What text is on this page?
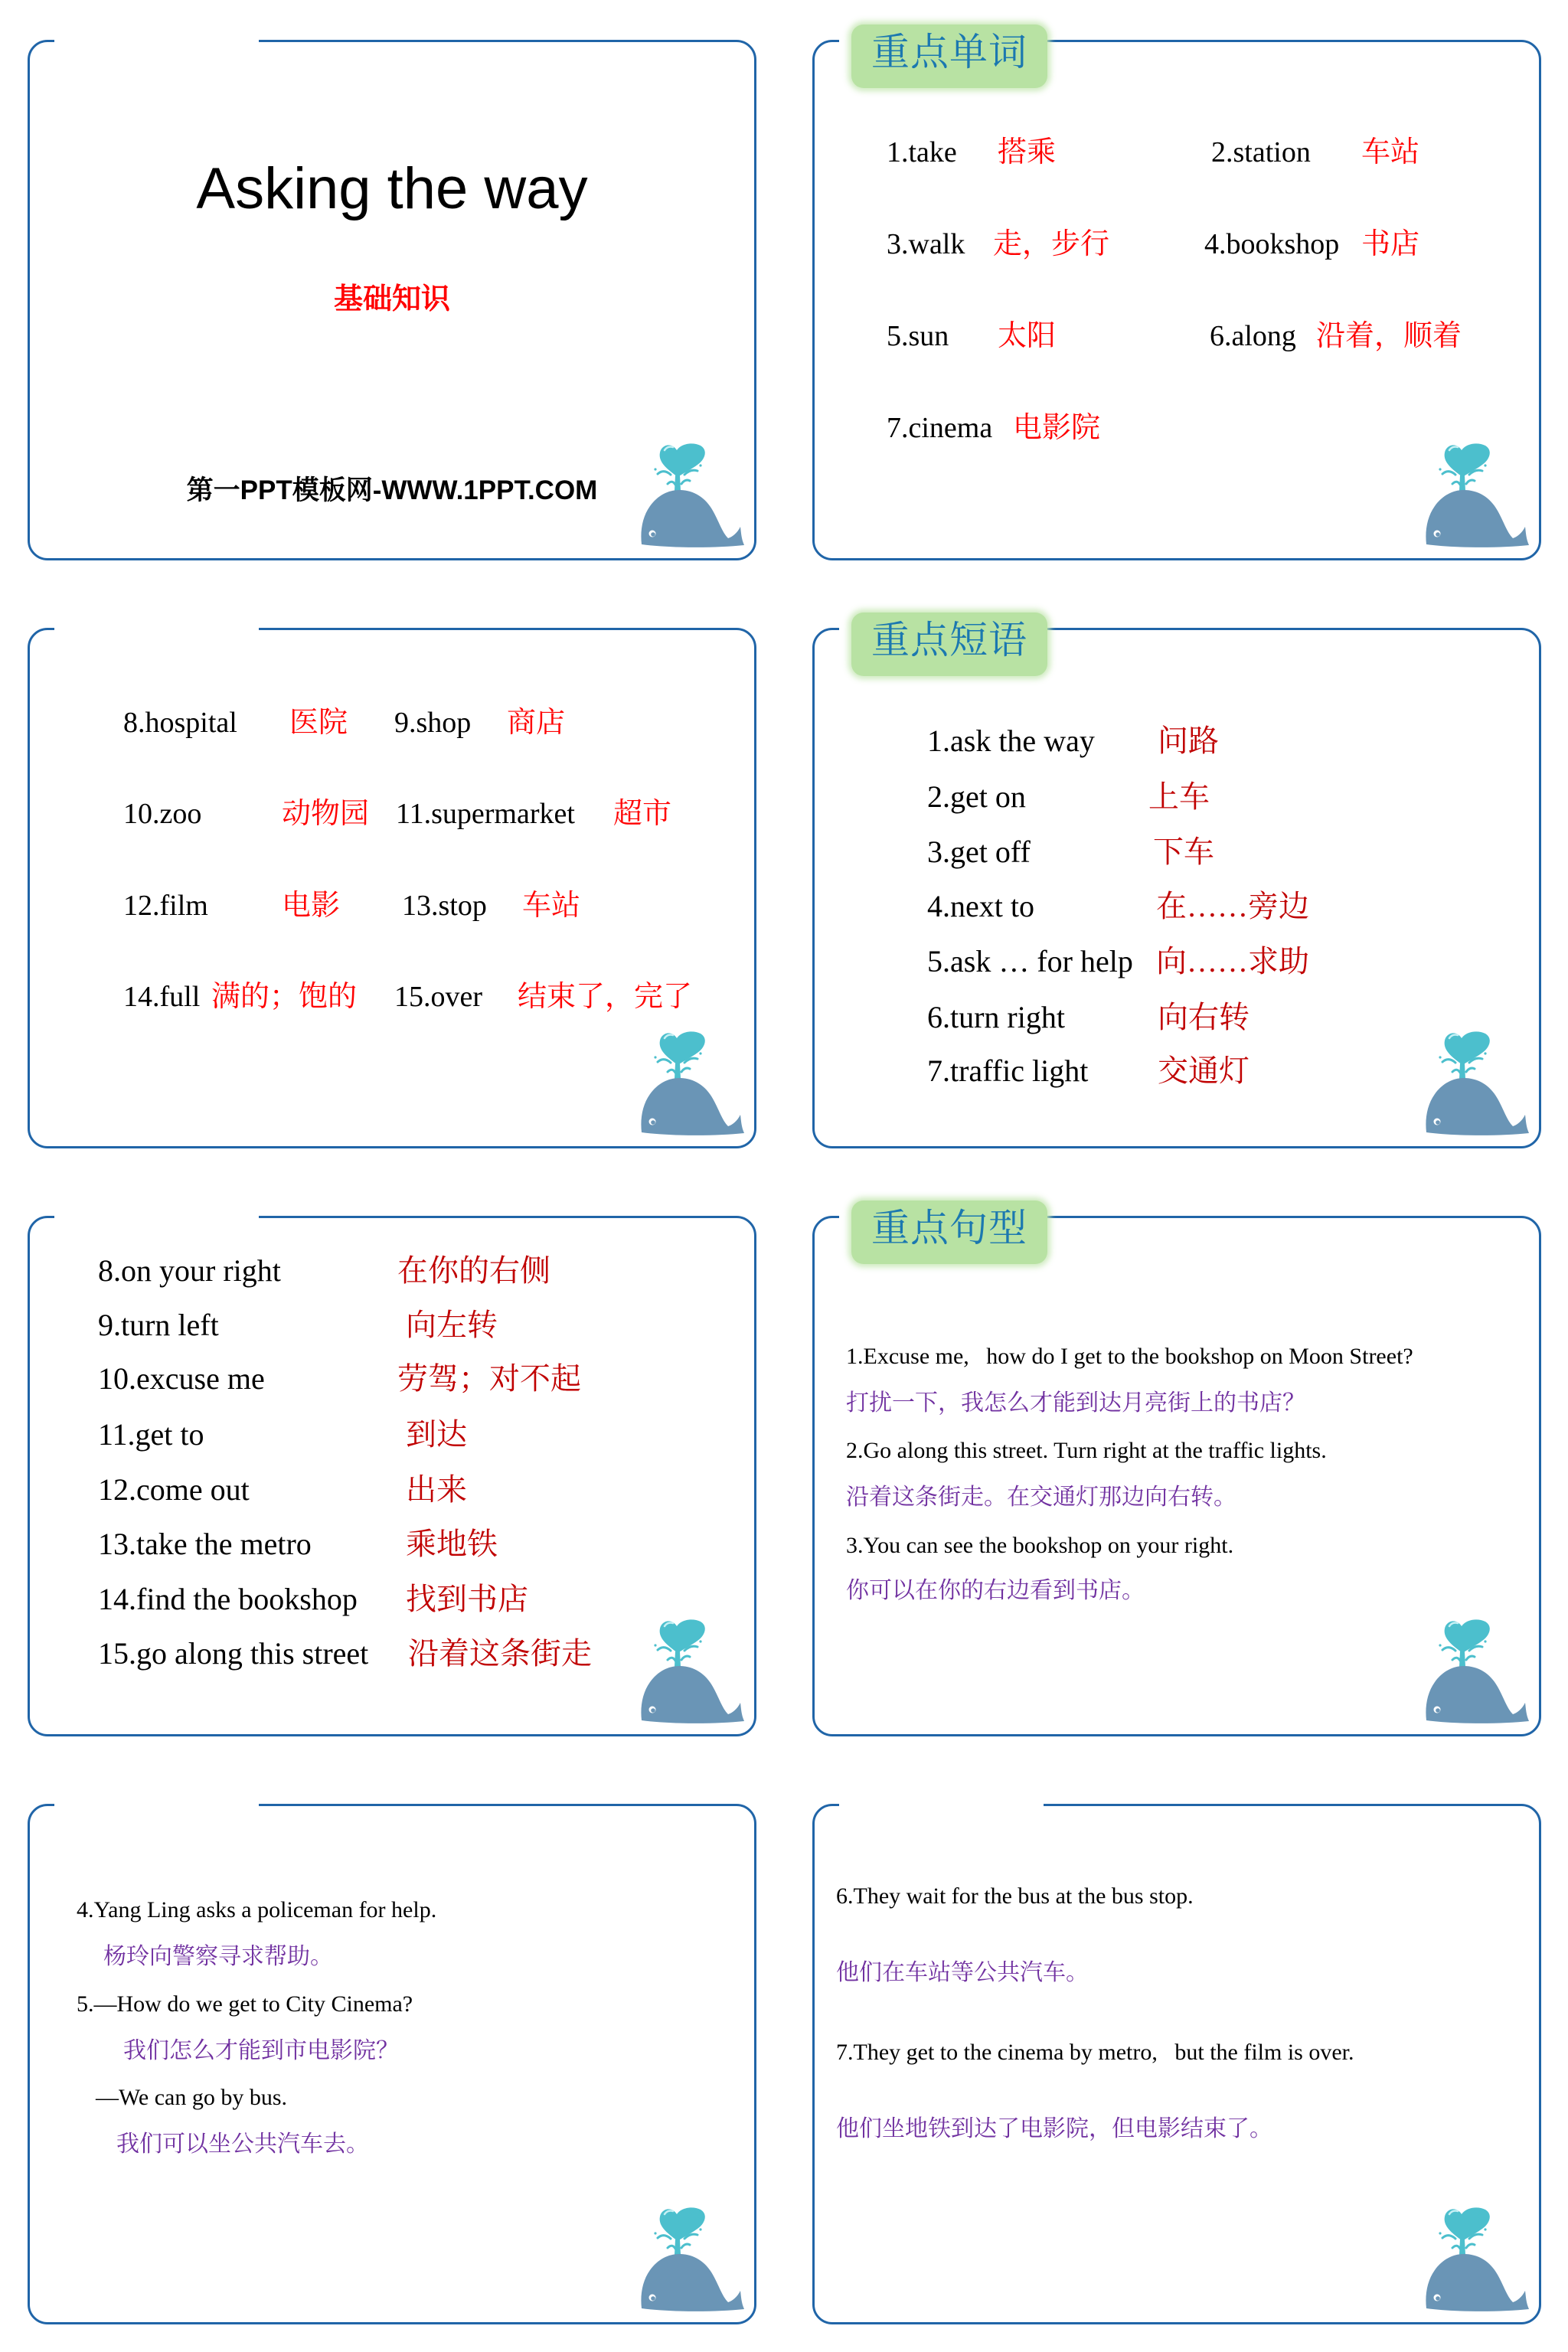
Asking the way
基础知识
第一PPT模板网-WWW.1PPT.COM
重点单词
1.take 搭乘	2.station 车站
3.walk 走，步行	4.bookshop 书店
5.sun 太阳	6.along 沿着，顺着
7.cinema 电影院
8.hospital 医院 9.shop 商店
10.zoo	动物园 11.supermarket 超市
12.film	电影 13.stop 车站
14.full 满的；饱的 15.over 结束了，完了
重点短语
1.ask the way 问路
2.get on	上车
3.get off	下车
4.next to	在……旁边
5.ask … for help 向……求助
6.turn right	向右转
7.traffic light 交通灯
8.on your right	在你的右侧
9.turn left	向左转
10.excuse me	劳驾；对不起
11.get to	到达
12.come out	出来
13.take the metro	乘地铁
14.find the bookshop 找到书店
15.go along this street 沿着这条街走
重点句型
1.Excuse me,   how do I get to the bookshop on Moon Street?
打扰一下，我怎么才能到达月亮街上的书店？
2.Go along this street. Turn right at the traffic lights.
沿着这条街走。在交通灯那边向右转。
3.You can see the bookshop on your right.
你可以在你的右边看到书店。
4.Yang Ling asks a policeman for help.
杨玲向警察寻求帮助。
5.—How do we get to City Cinema?
我们怎么才能到市电影院？
—We can go by bus.
我们可以坐公共汽车去。
6.They wait for the bus at the bus stop.
他们在车站等公共汽车。
7.They get to the cinema by metro,   but the film is over.
他们坐地铁到达了电影院，但电影结束了。
